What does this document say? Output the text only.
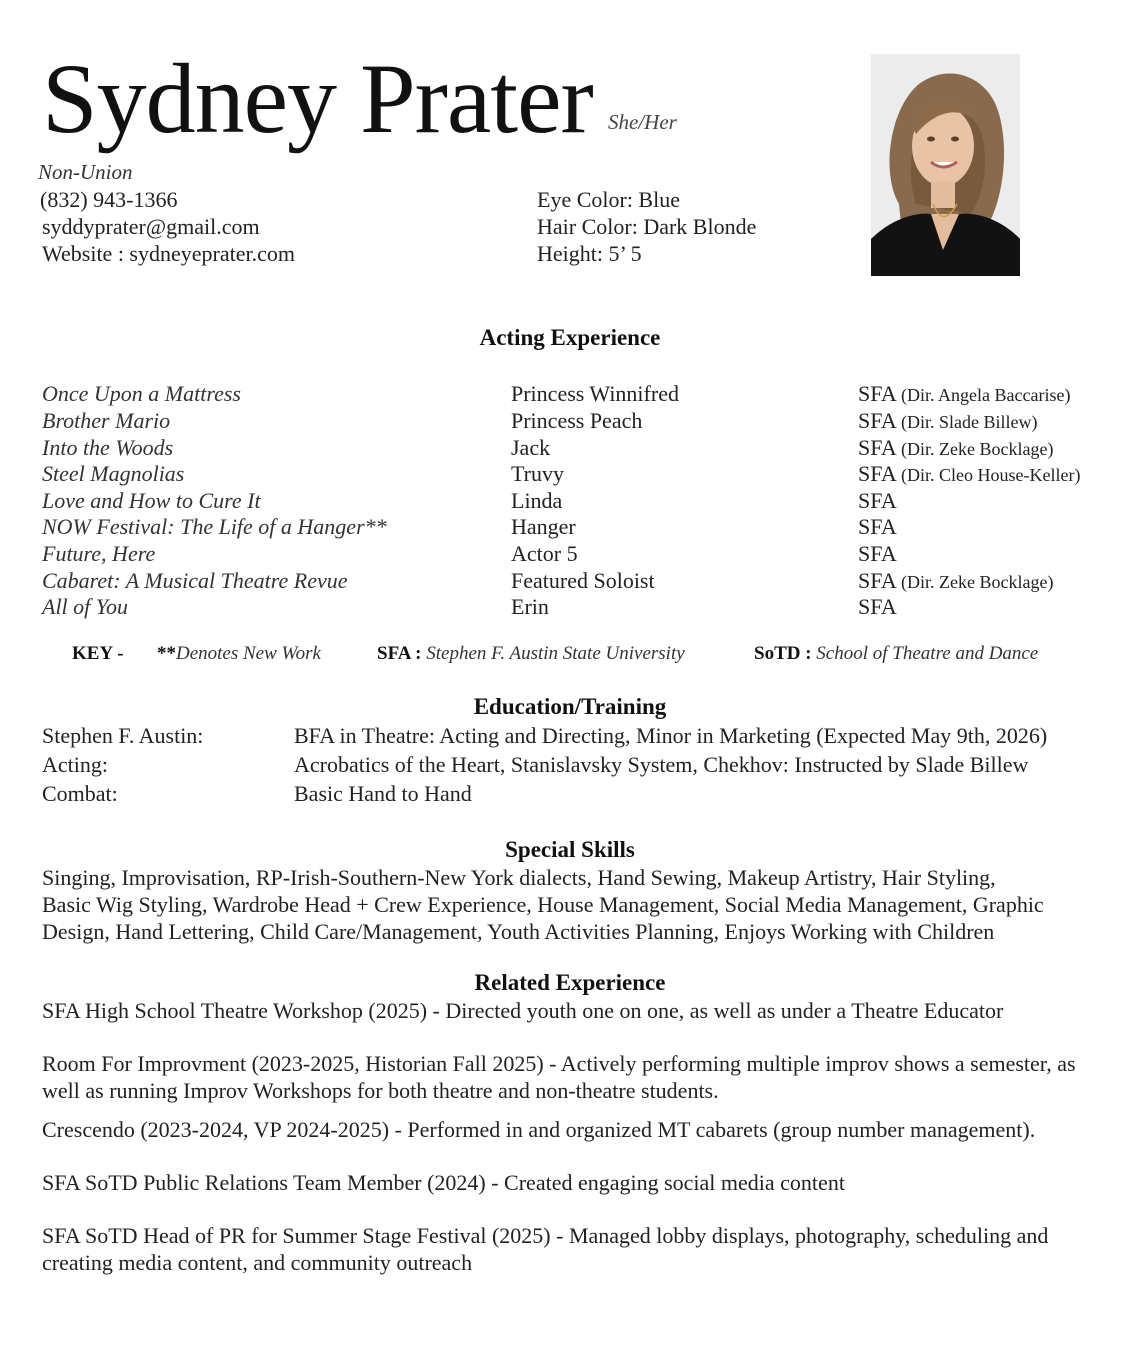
Sydney Prater She/Her
Non-Union
(832) 943-1366
syddyprater@gmail.com
Website : sydneyeprater.com
Eye Color: Blue
Hair Color: Dark Blonde
Height: 5’ 5
Acting Experience
Once Upon a Mattress	Princess Winnifred	SFA (Dir. Angela Baccarise)
Brother Mario	Princess Peach	SFA (Dir. Slade Billew)
Into the Woods	Jack	SFA (Dir. Zeke Bocklage)
Steel Magnolias	Truvy	SFA (Dir. Cleo House-Keller)
Love and How to Cure It	Linda	SFA
NOW Festival: The Life of a Hanger**	Hanger	SFA
Future, Here	Actor 5	SFA
Cabaret: A Musical Theatre Revue	Featured Soloist	SFA (Dir. Zeke Bocklage)
All of You	Erin	SFA
KEY - **Denotes New Work	SFA : Stephen F. Austin State University	SoTD : School of Theatre and Dance
Education/Training
Stephen F. Austin:	BFA in Theatre: Acting and Directing, Minor in Marketing (Expected May 9th, 2026)
Acting:	Acrobatics of the Heart, Stanislavsky System, Chekhov: Instructed by Slade Billew
Combat:	Basic Hand to Hand
Special Skills
Singing, Improvisation, RP-Irish-Southern-New York dialects, Hand Sewing, Makeup Artistry, Hair Styling,
Basic Wig Styling, Wardrobe Head + Crew Experience, House Management, Social Media Management, Graphic
Design, Hand Lettering, Child Care/Management, Youth Activities Planning, Enjoys Working with Children
Related Experience
SFA High School Theatre Workshop (2025) - Directed youth one on one, as well as under a Theatre Educator
Room For Improvment (2023-2025, Historian Fall 2025) - Actively performing multiple improv shows a semester, as well as running Improv Workshops for both theatre and non-theatre students.
Crescendo (2023-2024, VP 2024-2025) - Performed in and organized MT cabarets (group number management).
SFA SoTD Public Relations Team Member (2024) - Created engaging social media content
SFA SoTD Head of PR for Summer Stage Festival (2025) - Managed lobby displays, photography, scheduling and creating media content, and community outreach
